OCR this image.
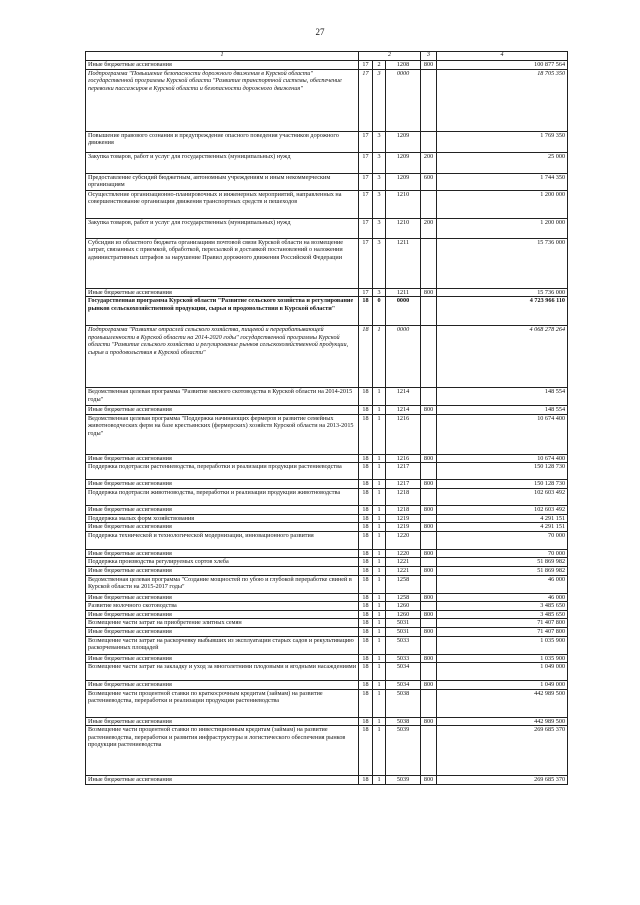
27
1	2			3	4
Иные бюджетные ассигнования	17	2	1208	800	100 877 564
Подпрограмма "Повышение безопасности дорожного движения в Курской области" государственной программы Курской области "Развитие транспортной системы, обеспечение перевозки пассажиров в Курской области и безопасности дорожного движения"	17	3	0000		18 705 350
Повышение правового сознания и предупреждение опасного поведения участников дорожного движения	17	3	1209		1 769 350
Закупка товаров, работ и услуг для государственных (муниципальных) нужд	17	3	1209	200	25 000
Предоставление субсидий бюджетным, автономным учреждениям и иным некоммерческим организациям	17	3	1209	600	1 744 350
Осуществление организационно-планировочных и инженерных мероприятий, направленных на совершенствование организации движения транспортных средств и пешеходов	17	3	1210		1 200 000
Закупка товаров, работ и услуг для государственных (муниципальных) нужд	17	3	1210	200	1 200 000
Субсидии из областного бюджета организациям почтовой связи Курской области на возмещение затрат, связанных с приемкой, обработкой, пересылкой и доставкой постановлений о наложении административных штрафов за нарушение Правил дорожного движения Российской Федерации	17	3	1211		15 736 000
Иные бюджетные ассигнования	17	3	1211	800	15 736 000
Государственная программа Курской области "Развитие сельского хозяйства и регулирование рынков сельскохозяйственной продукции, сырья и продовольствия в Курской области"	18	0	0000		4 723 966 110
Подпрограмма "Развитие отраслей сельского хозяйства, пищевой и перерабатывающей промышленности в Курской области на 2014-2020 годы" государственной программы Курской области "Развитие сельского хозяйства и регулирование рынков сельскохозяйственной продукции, сырья и продовольствия в Курской области"	18	1	0000		4 068 278 264
Ведомственная целевая программа "Развитие мясного скотоводства в Курской области на 2014-2015 годы"	18	1	1214		148 554
Иные бюджетные ассигнования	18	1	1214	800	148 554
Ведомственная целевая программа "Поддержка начинающих фермеров и развитие семейных животноводческих ферм на базе крестьянских (фермерских) хозяйств Курской области на 2013-2015 годы"	18	1	1216		10 674 400
Иные бюджетные ассигнования	18	1	1216	800	10 674 400
Поддержка подотрасли растениеводства, переработки и реализации продукции растениеводства	18	1	1217		150 128 730
Иные бюджетные ассигнования	18	1	1217	800	150 128 730
Поддержка подотрасли животноводства, переработки и реализации продукции животноводства	18	1	1218		102 603 492
Иные бюджетные ассигнования	18	1	1218	800	102 603 492
Поддержка малых форм хозяйствования	18	1	1219		4 291 151
Иные бюджетные ассигнования	18	1	1219	800	4 291 151
Поддержка технической и технологической модернизации, инновационного развития	18	1	1220		70 000
Иные бюджетные ассигнования	18	1	1220	800	70 000
Поддержка производства регулируемых сортов хлеба	18	1	1221		51 869 982
Иные бюджетные ассигнования	18	1	1221	800	51 869 982
Ведомственная целевая программа "Создание мощностей по убою и глубокой переработке свиней в Курской области на 2015-2017 годы"	18	1	1258		46 000
Иные бюджетные ассигнования	18	1	1258	800	46 000
Развитие молочного скотоводства	18	1	1260		3 485 650
Иные бюджетные ассигнования	18	1	1260	800	3 485 650
Возмещение части затрат на приобретение элитных семян	18	1	5031		71 407 800
Иные бюджетные ассигнования	18	1	5031	800	71 407 800
Возмещение части затрат на раскорчевку выбывших из эксплуатации старых садов и рекультивацию раскорчеванных площадей	18	1	5033		1 035 900
Иные бюджетные ассигнования	18	1	5033	800	1 035 900
Возмещение части затрат на закладку и уход за многолетними плодовыми и ягодными насаждениями	18	1	5034		1 049 000
Иные бюджетные ассигнования	18	1	5034	800	1 049 000
Возмещение части процентной ставки по краткосрочным кредитам (займам) на развитие растениеводства, переработки и реализации продукции растениеводства	18	1	5038		442 989 500
Иные бюджетные ассигнования	18	1	5038	800	442 989 500
Возмещение части процентной ставки по инвестиционным кредитам (займам) на развитие растениеводства, переработки и развития инфраструктуры и логистического обеспечения рынков продукции растениеводства	18	1	5039		269 685 370
Иные бюджетные ассигнования	18	1	5039	800	269 685 370
